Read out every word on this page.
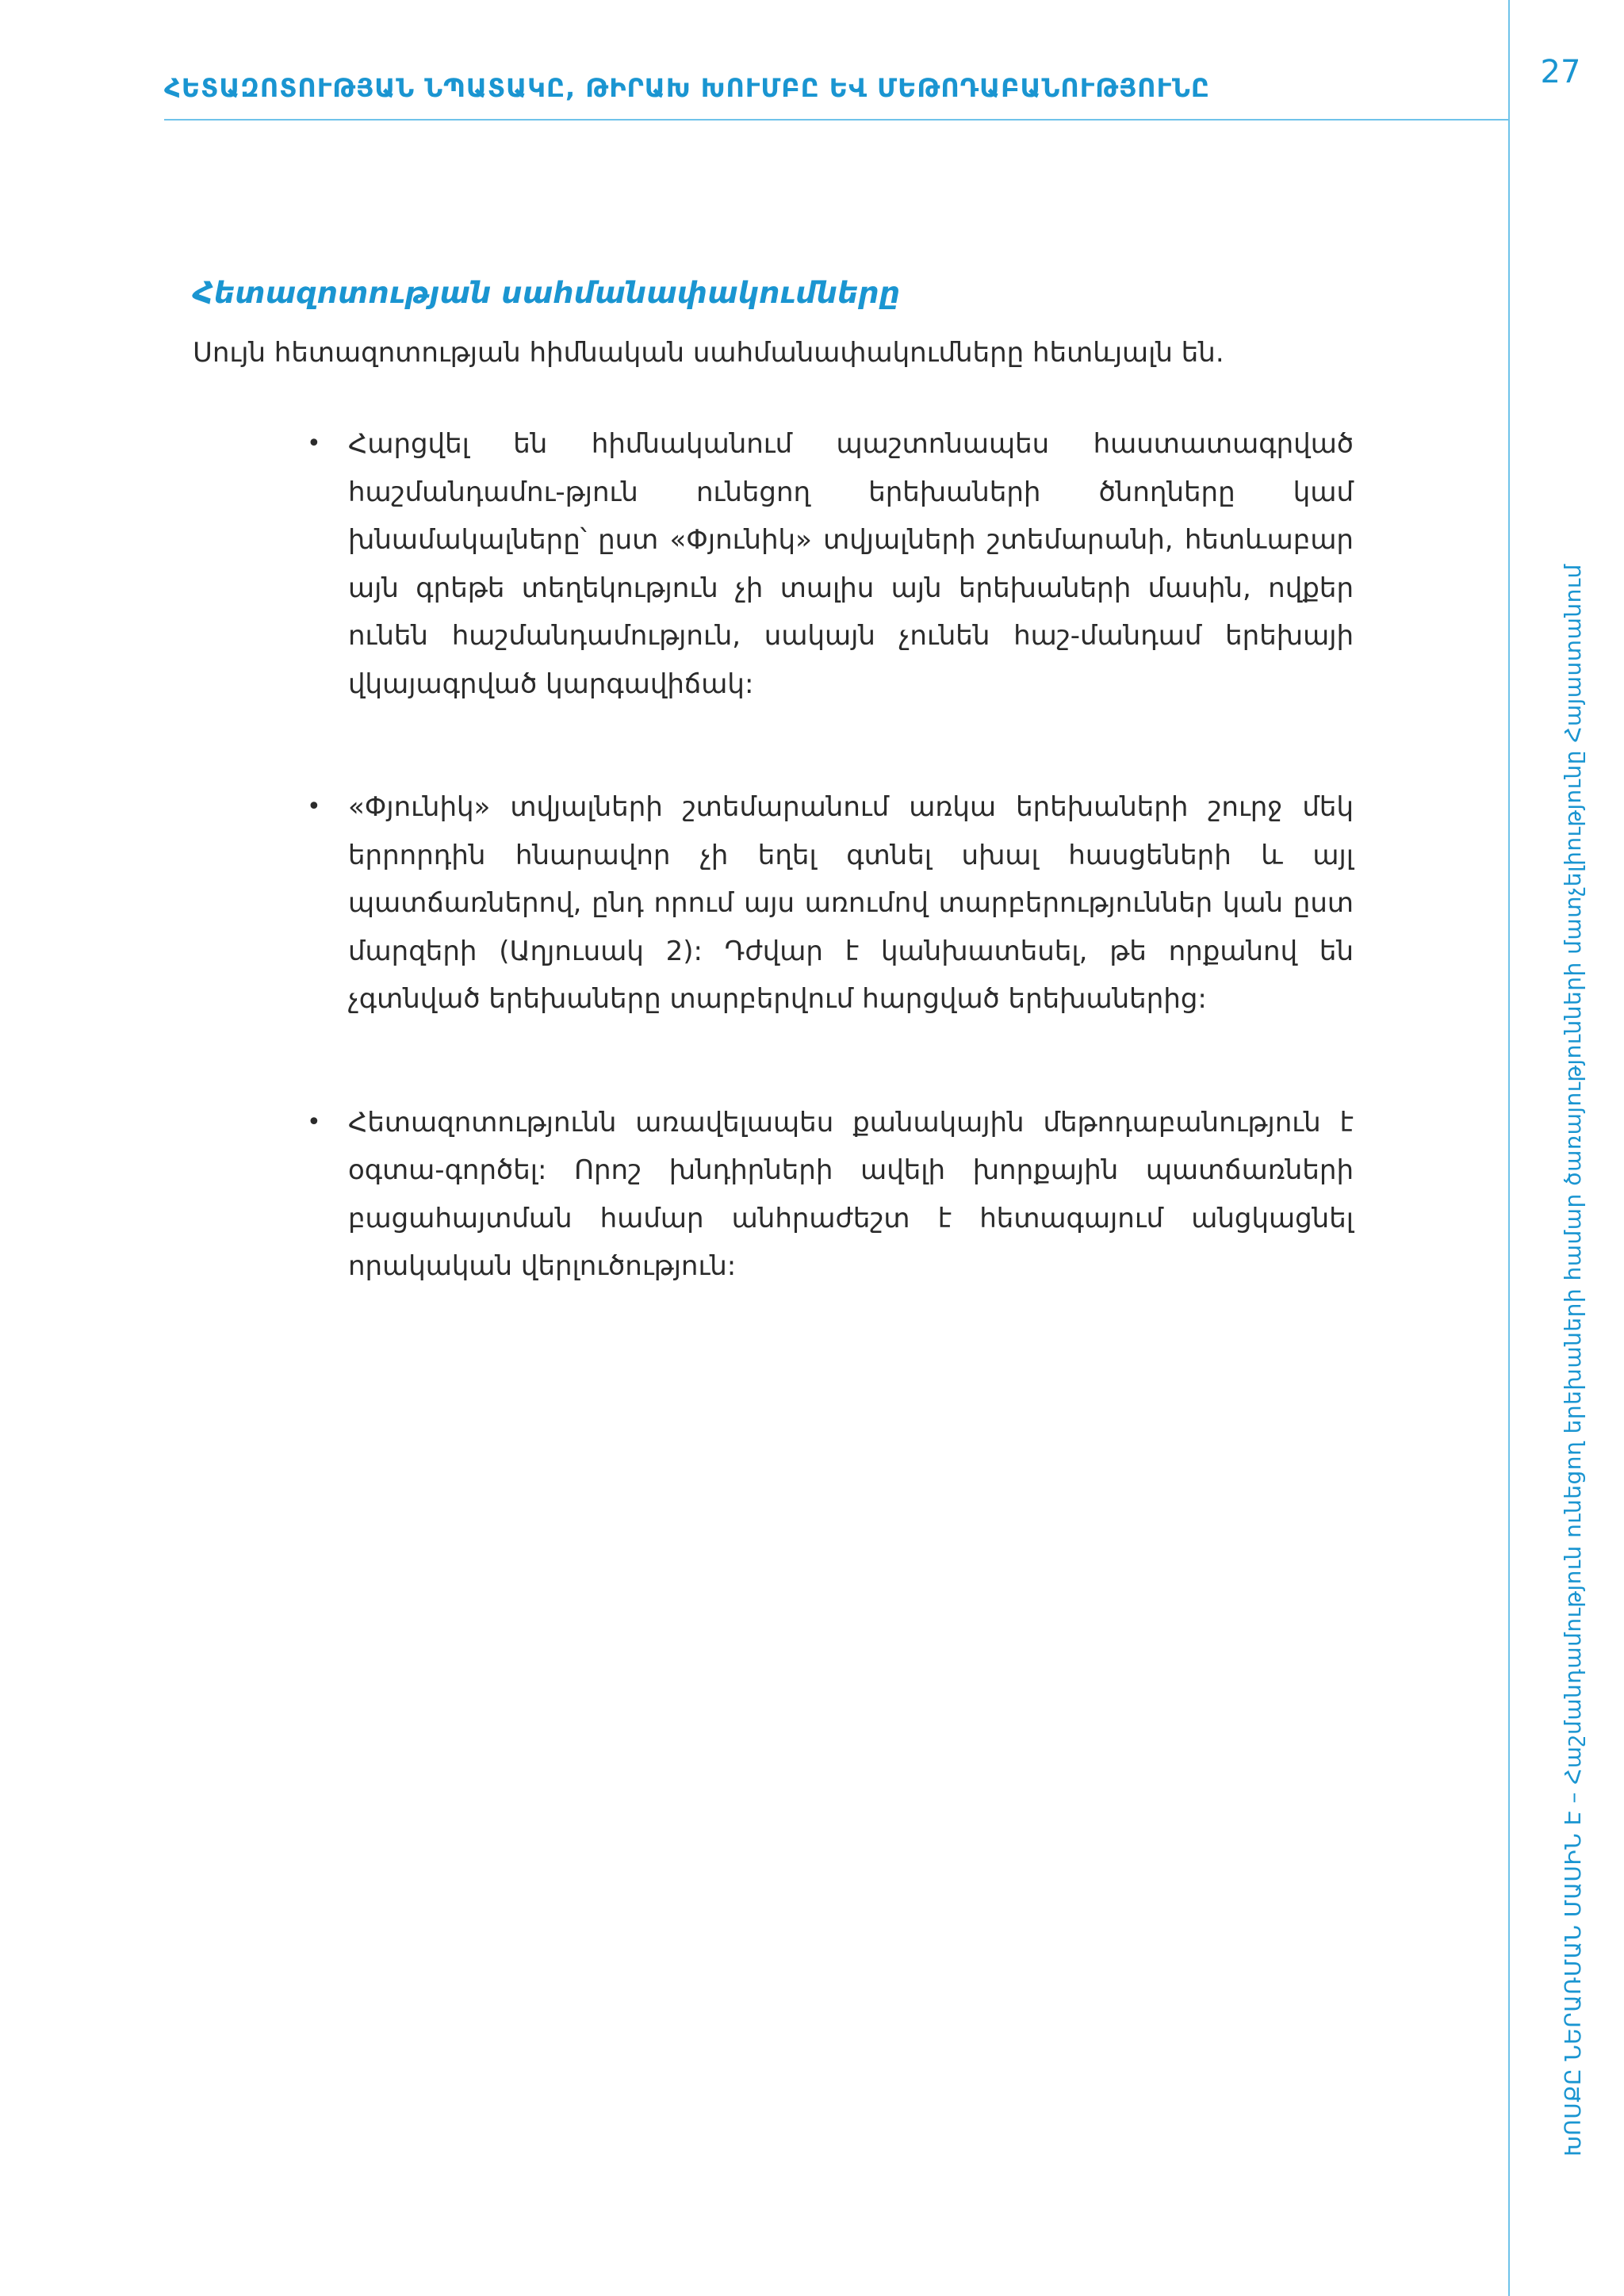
ՀԵՏԱԶՈՏՈՒԹՅԱՆ ՆՊԱՏԱԿԸ, ԹԻՐԱԽ ԽՈՒՄԲԸ ԵՎ ՄԵԹՈԴԱԲԱՆՈՒԹՅՈՒՆԸ	27
ԽՈՍՔԸ ՆԵՐԱՌՄԱՆ ՄԱՍԻՆ Է – Հաշմանդամություն ունեցող երեխաների համար ծառայությունների մատչելիությունը Հայաստանում
Հետազոտության սահմանափակումները
Սույն հետազոտության հիմնական սահմանափակումները հետևյալն են.
• Հարցվել են հիմնականում պաշտոնապես հաստատագրված հաշմանդամու-թյուն ունեցող երեխաների ծնողները կամ խնամակալները՝ ըստ «Փյունիկ» տվյալների շտեմարանի, հետևաբար այն գրեթե տեղեկություն չի տալիս այն երեխաների մասին, ովքեր ունեն հաշմանդամություն, սակայն չունեն հաշ-մանդամ երեխայի վկայագրված կարգավիճակ:
• «Փյունիկ» տվյալների շտեմարանում առկա երեխաների շուրջ մեկ երրորդին հնարավոր չի եղել գտնել սխալ հասցեների և այլ պատճառներով, ընդ որում այս առումով տարբերություններ կան ըստ մարզերի (Աղյուսակ 2): Դժվար է կանխատեսել, թե որքանով են չգտնված երեխաները տարբերվում հարցված երեխաներից:
• Հետազոտությունն առավելապես քանակային մեթոդաբանություն է օգտա-գործել: Որոշ խնդիրների ավելի խորքային պատճառների բացահայտման համար անհրաժեշտ է հետագայում անցկացնել որակական վերլուծություն:
